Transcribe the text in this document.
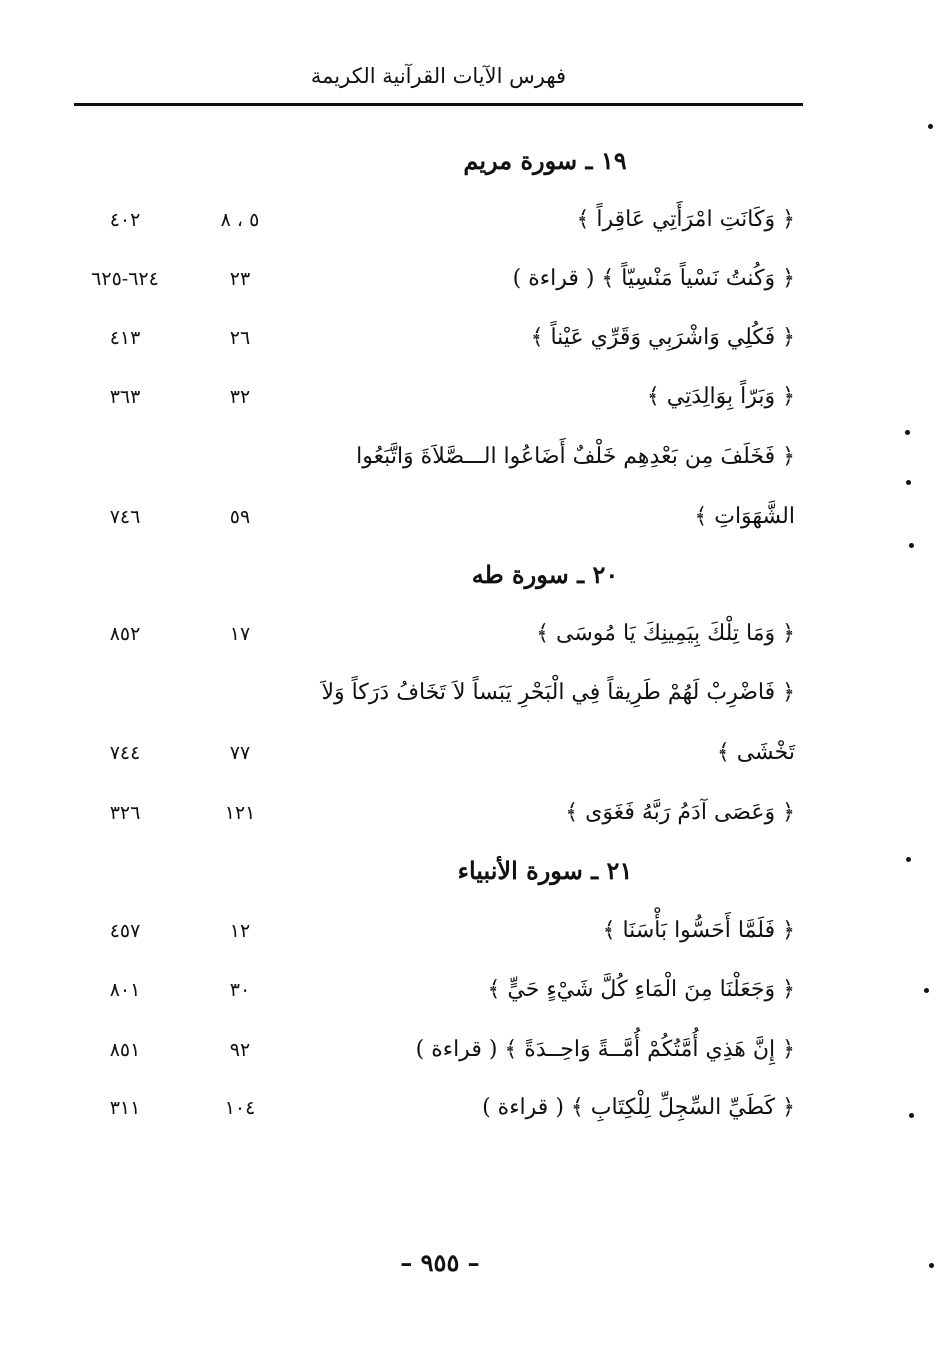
فهرس الآيات القرآنية الكريمة
١٩ ـ سورة مريم
﴿ وَكَانَتِ امْرَأَتِي عَاقِراً ﴾
٥ ، ٨
٤٠٢
﴿ وَكُنتُ نَسْياً مَنْسِيّاً ﴾ ( قراءة )
٢٣
٦٢٤-٦٢٥
﴿ فَكُلِي وَاشْرَبِي وَقَرِّي عَيْناً ﴾
٢٦
٤١٣
﴿ وَبَرّاً بِوَالِدَتِي ﴾
٣٢
٣٦٣
﴿ فَخَلَفَ مِن بَعْدِهِم خَلْفٌ أَضَاعُوا الـــصَّلاَةَ وَاتَّبَعُوا
الشَّهَوَاتِ ﴾
٥٩
٧٤٦
٢٠ ـ سورة طه
﴿ وَمَا تِلْكَ بِيَمِينِكَ يَا مُوسَى ﴾
١٧
٨٥٢
﴿ فَاضْرِبْ لَهُمْ طَرِيقاً فِي الْبَحْرِ يَبَساً لاَ تَخَافُ دَرَكاً وَلاَ
تَخْشَى ﴾
٧٧
٧٤٤
﴿ وَعَصَى آدَمُ رَبَّهُ فَغَوَى ﴾
١٢١
٣٢٦
٢١ ـ سورة الأنبياء
﴿ فَلَمَّا أَحَسُّوا بَأْسَنَا ﴾
١٢
٤٥٧
﴿ وَجَعَلْنَا مِنَ الْمَاءِ كُلَّ شَيْءٍ حَيٍّ ﴾
٣٠
٨٠١
﴿ إِنَّ هَذِي أُمَّتُكُمْ أُمَّــةً وَاحِــدَةً ﴾ ( قراءة )
٩٢
٨٥١
﴿ كَطَيِّ السِّجِلِّ لِلْكِتَابِ ﴾ ( قراءة )
١٠٤
٣١١
– ٩٥٥ –
